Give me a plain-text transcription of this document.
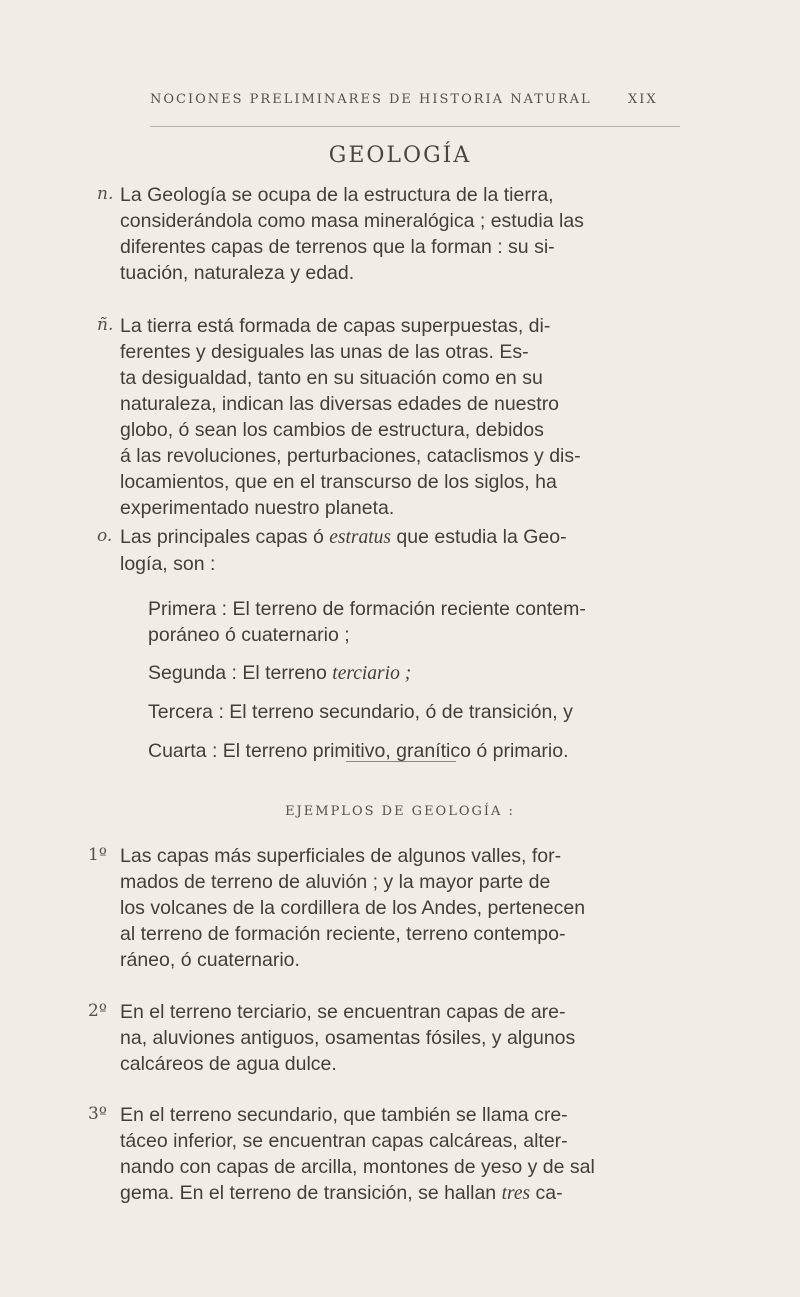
NOCIONES PRELIMINARES DE HISTORIA NATURAL	XIX
GEOLOGÍA
n. La Geología se ocupa de la estructura de la tierra,
considerándola como masa mineralógica ; estudia las
diferentes capas de terrenos que la forman : su si-
tuación, naturaleza y edad.

ñ. La tierra está formada de capas superpuestas, di-
ferentes y desiguales las unas de las otras. Es-
ta desigualdad, tanto en su situación como en su
naturaleza, indican las diversas edades de nuestro
globo, ó sean los cambios de estructura, debidos
á las revoluciones, perturbaciones, cataclismos y dis-
locamientos, que en el transcurso de los siglos, ha
experimentado nuestro planeta.

o. Las principales capas ó estratus que estudia la Geo-
logía, son :

Primera : El terreno de formación reciente contem-
poráneo ó cuaternario ;
Segunda : El terreno terciario ;
Tercera : El terreno secundario, ó de transición, y
Cuarta : El terreno primitivo, granítico ó primario.
EJEMPLOS DE GEOLOGÍA :
1º Las capas más superficiales de algunos valles, for-
mados de terreno de aluvión ; y la mayor parte de
los volcanes de la cordillera de los Andes, pertenecen
al terreno de formación reciente, terreno contempo-
ráneo, ó cuaternario.

2º En el terreno terciario, se encuentran capas de are-
na, aluviones antiguos, osamentas fósiles, y algunos
calcáreos de agua dulce.

3º En el terreno secundario, que también se llama cre-
táceo inferior, se encuentran capas calcáreas, alter-
nando con capas de arcilla, montones de yeso y de sal
gema. En el terreno de transición, se hallan tres ca-
